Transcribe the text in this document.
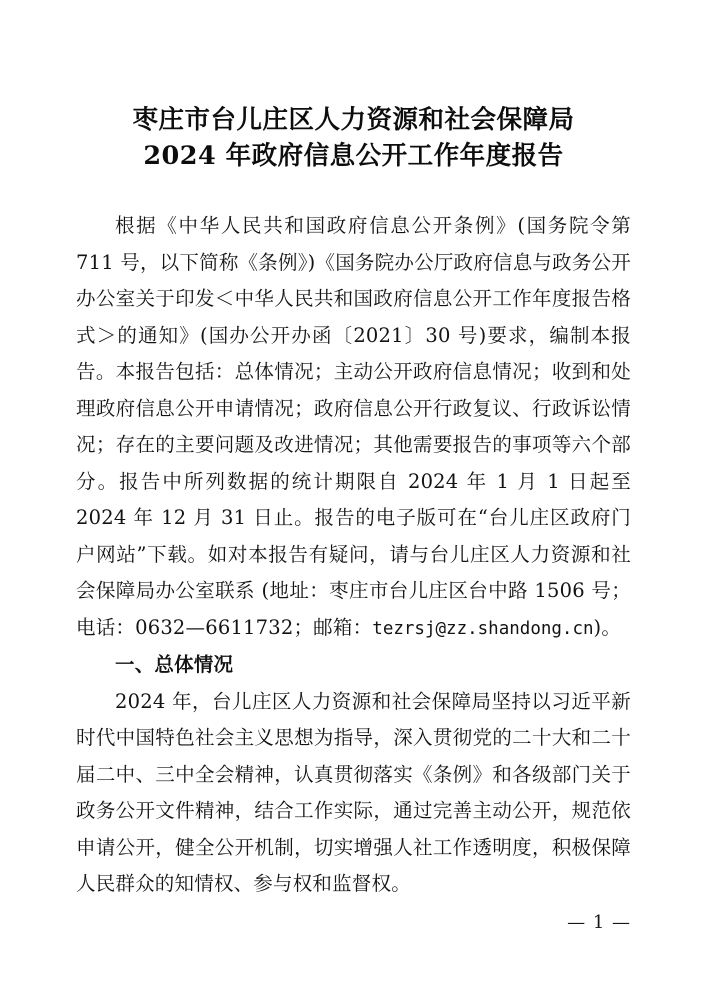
枣庄市台儿庄区人力资源和社会保障局
2024 年政府信息公开工作年度报告

根据《中华人民共和国政府信息公开条例》(国务院令第 711 号，以下简称《条例》)《国务院办公厅政府信息与政务公开办公室关于印发＜中华人民共和国政府信息公开工作年度报告格式＞的通知》(国办公开办函〔2021〕30 号)要求，编制本报告。本报告包括：总体情况；主动公开政府信息情况；收到和处理政府信息公开申请情况；政府信息公开行政复议、行政诉讼情况；存在的主要问题及改进情况；其他需要报告的事项等六个部分。报告中所列数据的统计期限自 2024 年 1 月 1 日起至 2024 年 12 月 31 日止。报告的电子版可在“台儿庄区政府门户网站”下载。如对本报告有疑问，请与台儿庄区人力资源和社会保障局办公室联系 (地址：枣庄市台儿庄区台中路 1506 号；电话：0632—6611732；邮箱：tezrsj@zz.shandong.cn)。

一、总体情况

2024 年，台儿庄区人力资源和社会保障局坚持以习近平新时代中国特色社会主义思想为指导，深入贯彻党的二十大和二十届二中、三中全会精神，认真贯彻落实《条例》和各级部门关于政务公开文件精神，结合工作实际，通过完善主动公开，规范依申请公开，健全公开机制，切实增强人社工作透明度，积极保障人民群众的知情权、参与权和监督权。

— 1 —
